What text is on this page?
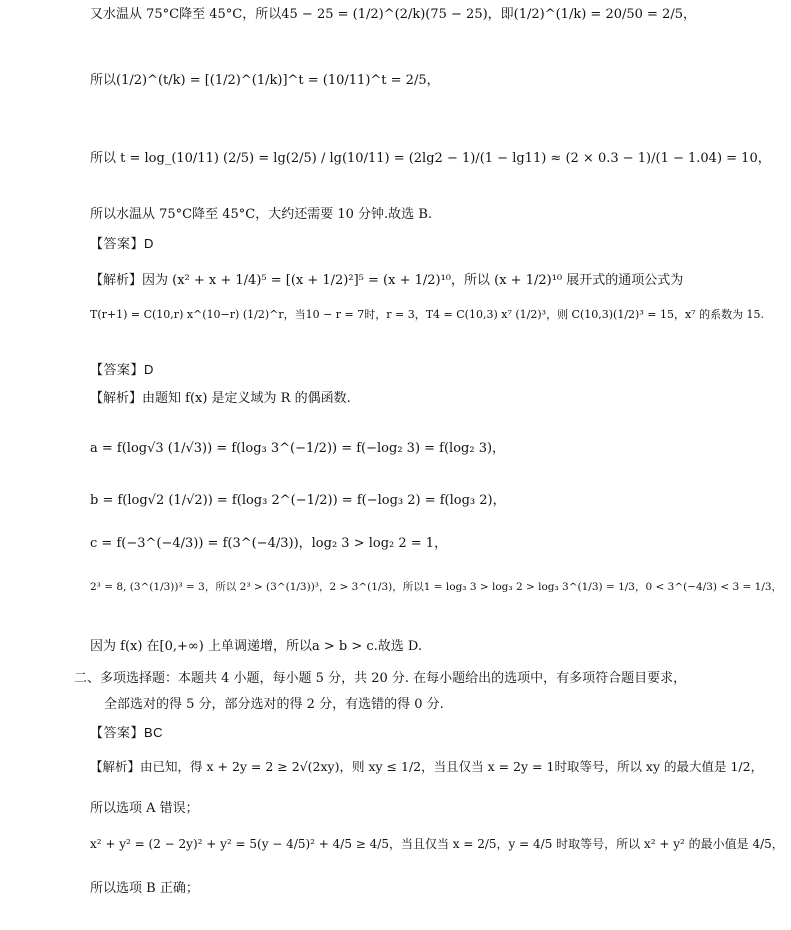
又水温从 75°C降至 45°C，所以45 − 25 = (1/2)^(2/k)(75 − 25)，即(1/2)^(1/k) = 20/50 = 2/5，
所以(1/2)^(t/k) = [(1/2)^(1/k)]^t = (10/11)^t = 2/5，
所以 t = log_(10/11) (2/5) = lg(2/5) / lg(10/11) = (2lg2 − 1)/(1 − lg11) ≈ (2 × 0.3 − 1)/(1 − 1.04) = 10，
所以水温从 75°C降至 45°C，大约还需要 10 分钟.故选 B.
【答案】D
【解析】因为 (x² + x + 1/4)⁵ = [(x + 1/2)²]⁵ = (x + 1/2)¹⁰，所以 (x + 1/2)¹⁰ 展开式的通项公式为
T(r+1) = C(10,r) x^(10−r) (1/2)^r，当10 − r = 7时，r = 3，T4 = C(10,3) x⁷ (1/2)³，则 C(10,3)(1/2)³ = 15，x⁷ 的系数为 15.
【答案】D
【解析】由题知 f(x) 是定义域为 R 的偶函数.
a = f(log√3 (1/√3)) = f(log₃ 3^(−1/2)) = f(−log₂ 3) = f(log₂ 3)，
b = f(log√2 (1/√2)) = f(log₃ 2^(−1/2)) = f(−log₃ 2) = f(log₃ 2)，
c = f(−3^(−4/3)) = f(3^(−4/3))，log₂ 3 > log₂ 2 = 1，
2³ = 8, (3^(1/3))³ = 3，所以 2³ > (3^(1/3))³，2 > 3^(1/3)，所以1 = log₃ 3 > log₃ 2 > log₃ 3^(1/3) = 1/3，0 < 3^(−4/3) < 3 = 1/3，
因为 f(x) 在[0,+∞) 上单调递增，所以a > b > c.故选 D.
二、多项选择题：本题共 4 小题，每小题 5 分，共 20 分. 在每小题给出的选项中，有多项符合题目要求，
全部选对的得 5 分，部分选对的得 2 分，有选错的得 0 分.
【答案】BC
【解析】由已知，得 x + 2y = 2 ≥ 2√(2xy)，则 xy ≤ 1/2，当且仅当 x = 2y = 1时取等号，所以 xy 的最大值是 1/2，
所以选项 A 错误；
x² + y² = (2 − 2y)² + y² = 5(y − 4/5)² + 4/5 ≥ 4/5，当且仅当 x = 2/5，y = 4/5 时取等号，所以 x² + y² 的最小值是 4/5，
所以选项 B 正确；
